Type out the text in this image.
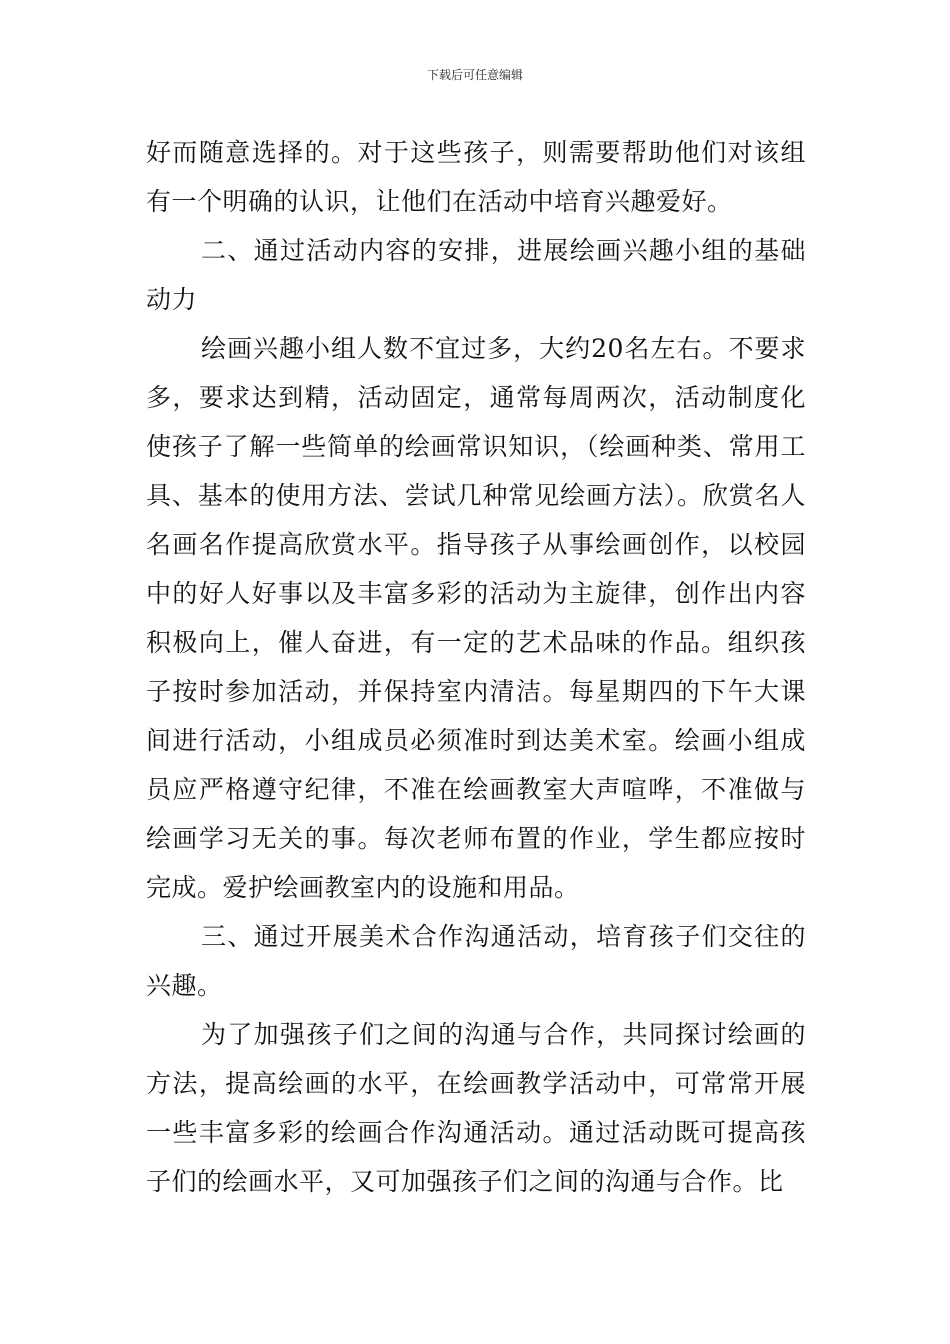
下载后可任意编辑

好而随意选择的。对于这些孩子，则需要帮助他们对该组有一个明确的认识，让他们在活动中培育兴趣爱好。

二、通过活动内容的安排，进展绘画兴趣小组的基础动力

绘画兴趣小组人数不宜过多，大约20名左右。不要求多，要求达到精，活动固定，通常每周两次，活动制度化使孩子了解一些简单的绘画常识知识，（绘画种类、常用工具、基本的使用方法、尝试几种常见绘画方法）。欣赏名人名画名作提高欣赏水平。指导孩子从事绘画创作，以校园中的好人好事以及丰富多彩的活动为主旋律，创作出内容积极向上，催人奋进，有一定的艺术品味的作品。组织孩子按时参加活动，并保持室内清洁。每星期四的下午大课间进行活动，小组成员必须准时到达美术室。绘画小组成员应严格遵守纪律，不准在绘画教室大声喧哗，不准做与绘画学习无关的事。每次老师布置的作业，学生都应按时完成。爱护绘画教室内的设施和用品。

三、通过开展美术合作沟通活动，培育孩子们交往的兴趣。

为了加强孩子们之间的沟通与合作，共同探讨绘画的方法，提高绘画的水平，在绘画教学活动中，可常常开展一些丰富多彩的绘画合作沟通活动。通过活动既可提高孩子们的绘画水平，又可加强孩子们之间的沟通与合作。比
